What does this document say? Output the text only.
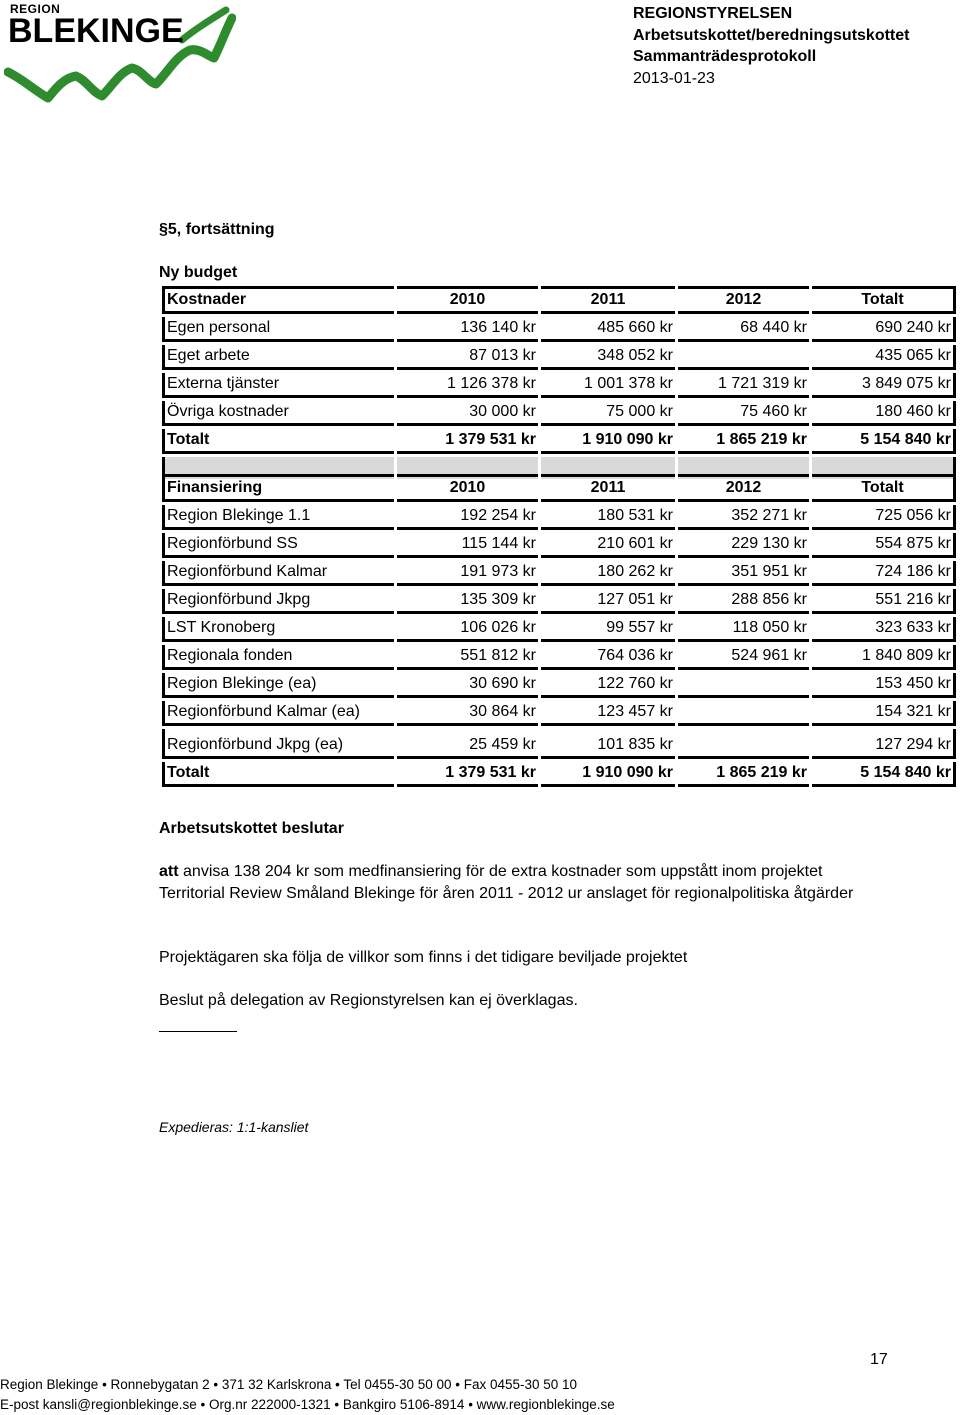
REGION
BLEKINGE	REGIONSTYRELSEN
Arbetsutskottet/beredningsutskottet
Sammanträdesprotokoll
2013-01-23
§5, fortsättning
Ny budget
Kostnader	2010	2011	2012	Totalt
Egen personal	136 140 kr	485 660 kr	68 440 kr	690 240 kr
Eget arbete	87 013 kr	348 052 kr		435 065 kr
Externa tjänster	1 126 378 kr	1 001 378 kr	1 721 319 kr	3 849 075 kr
Övriga kostnader	30 000 kr	75 000 kr	75 460 kr	180 460 kr
Totalt	1 379 531 kr	1 910 090 kr	1 865 219 kr	5 154 840 kr

Finansiering	2010	2011	2012	Totalt
Region Blekinge 1.1	192 254 kr	180 531 kr	352 271 kr	725 056 kr
Regionförbund SS	115 144 kr	210 601 kr	229 130 kr	554 875 kr
Regionförbund Kalmar	191 973 kr	180 262 kr	351 951 kr	724 186 kr
Regionförbund Jkpg	135 309 kr	127 051 kr	288 856 kr	551 216 kr
LST Kronoberg	106 026 kr	99 557 kr	118 050 kr	323 633 kr
Regionala fonden	551 812 kr	764 036 kr	524 961 kr	1 840 809 kr
Region Blekinge (ea)	30 690 kr	122 760 kr		153 450 kr
Regionförbund Kalmar (ea)	30 864 kr	123 457 kr		154 321 kr
Regionförbund Jkpg (ea)	25 459 kr	101 835 kr		127 294 kr
Totalt	1 379 531 kr	1 910 090 kr	1 865 219 kr	5 154 840 kr
Arbetsutskottet beslutar
att anvisa 138 204 kr som medfinansiering för de extra kostnader som uppstått inom projektet Territorial Review Småland Blekinge för åren 2011 - 2012 ur anslaget för regionalpolitiska åtgärder
Projektägaren ska följa de villkor som finns i det tidigare beviljade projektet
Beslut på delegation av Regionstyrelsen kan ej överklagas.
Expedieras: 1:1-kansliet
17
Region Blekinge • Ronnebygatan 2 • 371 32 Karlskrona • Tel 0455-30 50 00 • Fax 0455-30 50 10
E-post kansli@regionblekinge.se • Org.nr 222000-1321 • Bankgiro 5106-8914 • www.regionblekinge.se
